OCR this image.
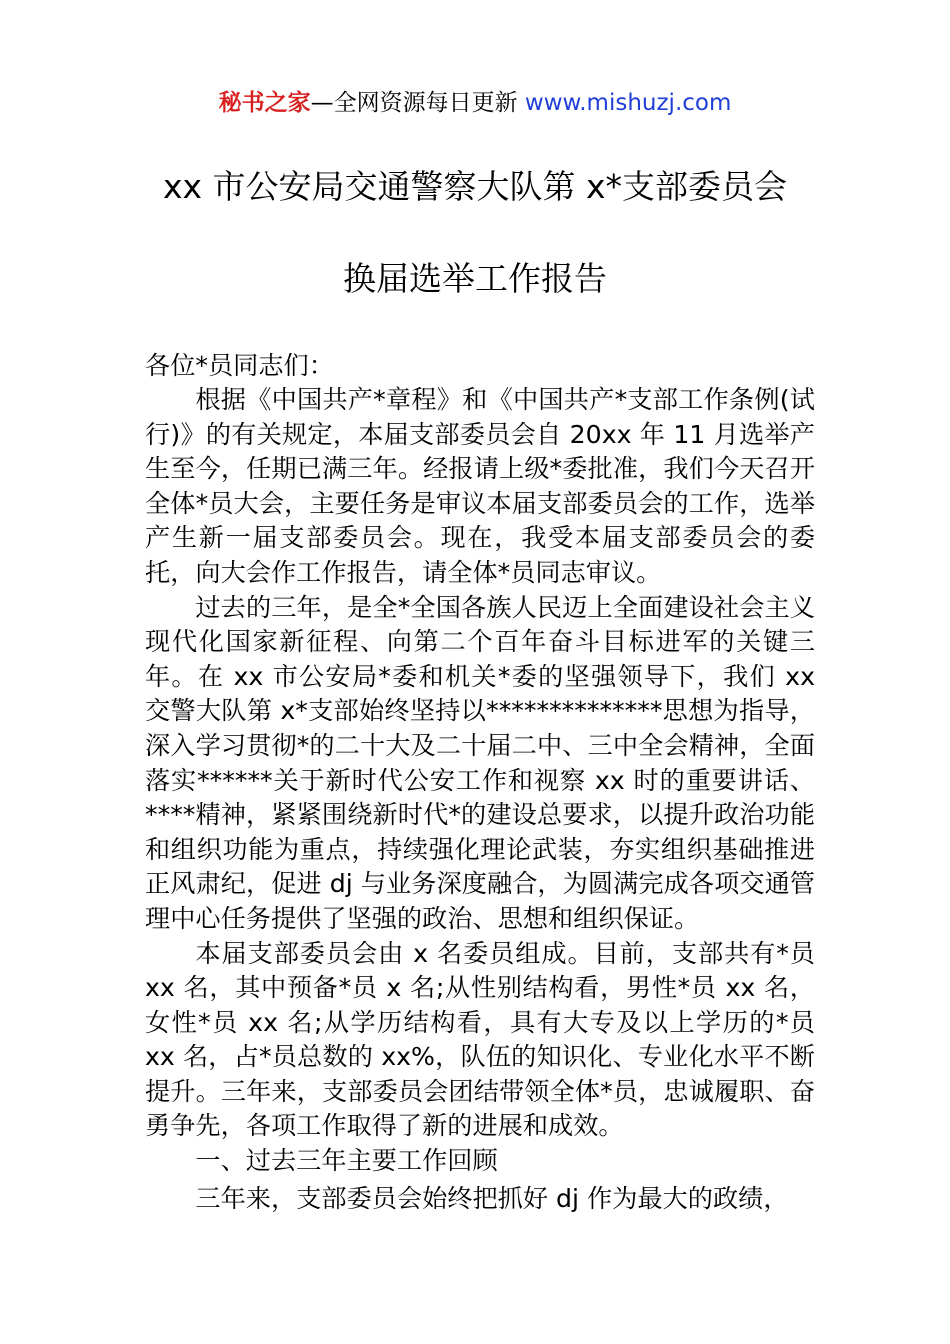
秘书之家—全网资源每日更新 www.mishuzj.com
xx 市公安局交通警察大队第 x*支部委员会
换届选举工作报告
各位*员同志们：

根据《中国共产*章程》和《中国共产*支部工作条例(试行)》的有关规定，本届支部委员会自 20xx 年 11 月选举产生至今，任期已满三年。经报请上级*委批准，我们今天召开全体*员大会，主要任务是审议本届支部委员会的工作，选举产生新一届支部委员会。现在，我受本届支部委员会的委托，向大会作工作报告，请全体*员同志审议。

过去的三年，是全*全国各族人民迈上全面建设社会主义现代化国家新征程、向第二个百年奋斗目标进军的关键三年。在 xx 市公安局*委和机关*委的坚强领导下，我们 xx 交警大队第 x*支部始终坚持以**************思想为指导，深入学习贯彻*的二十大及二十届二中、三中全会精神，全面落实******关于新时代公安工作和视察 xx 时的重要讲话、****精神，紧紧围绕新时代*的建设总要求，以提升政治功能和组织功能为重点，持续强化理论武装，夯实组织基础推进正风肃纪，促进 dj 与业务深度融合，为圆满完成各项交通管理中心任务提供了坚强的政治、思想和组织保证。

本届支部委员会由 x 名委员组成。目前，支部共有*员 xx 名，其中预备*员 x 名;从性别结构看，男性*员 xx 名，女性*员 xx 名;从学历结构看，具有大专及以上学历的*员 xx 名，占*员总数的 xx%，队伍的知识化、专业化水平不断提升。三年来，支部委员会团结带领全体*员，忠诚履职、奋勇争先，各项工作取得了新的进展和成效。

一、过去三年主要工作回顾

三年来，支部委员会始终把抓好 dj 作为最大的政绩，
